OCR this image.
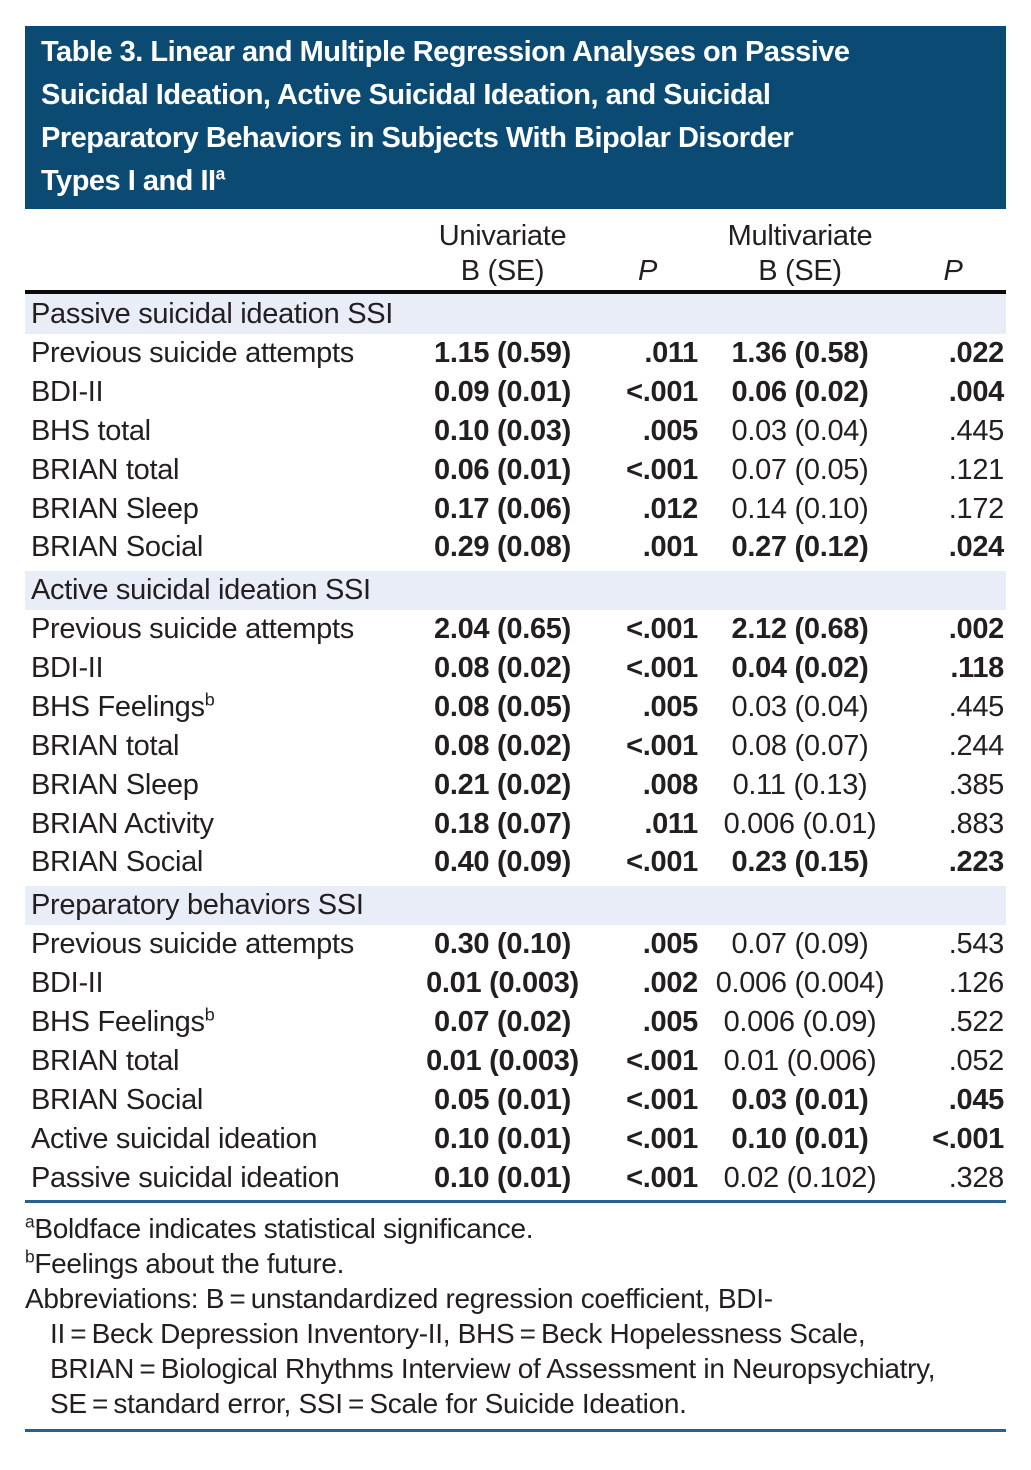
Table 3. Linear and Multiple Regression Analyses on Passive
Suicidal Ideation, Active Suicidal Ideation, and Suicidal
Preparatory Behaviors in Subjects With Bipolar Disorder
Types I and $II^a$
	Univariate		Multivariate	
	B (SE)	P	B (SE)	P
Passive suicidal ideation SSI				
Previous suicide attempts	1.15 (0.59)	.011	1.36 (0.58)	.022
BDI-II	0.09 (0.01)	<.001	0.06 (0.02)	.004
BHS total	0.10 (0.03)	.005	0.03 (0.04)	.445
BRIAN total	0.06 (0.01)	<.001	0.07 (0.05)	.121
BRIAN Sleep	0.17 (0.06)	.012	0.14 (0.10)	.172
BRIAN Social	0.29 (0.08)	.001	0.27 (0.12)	.024
Active suicidal ideation SSI				
Previous suicide attempts	2.04 (0.65)	<.001	2.12 (0.68)	.002
BDI-II	0.08 (0.02)	<.001	0.04 (0.02)	.118
BHS Feelings$^b$	0.08 (0.05)	.005	0.03 (0.04)	.445
BRIAN total	0.08 (0.02)	<.001	0.08 (0.07)	.244
BRIAN Sleep	0.21 (0.02)	.008	0.11 (0.13)	.385
BRIAN Activity	0.18 (0.07)	.011	0.006 (0.01)	.883
BRIAN Social	0.40 (0.09)	<.001	0.23 (0.15)	.223
Preparatory behaviors SSI				
Previous suicide attempts	0.30 (0.10)	.005	0.07 (0.09)	.543
BDI-II	0.01 (0.003)	.002	0.006 (0.004)	.126
BHS Feelings$^b$	0.07 (0.02)	.005	0.006 (0.09)	.522
BRIAN total	0.01 (0.003)	<.001	0.01 (0.006)	.052
BRIAN Social	0.05 (0.01)	<.001	0.03 (0.01)	.045
Active suicidal ideation	0.10 (0.01)	<.001	0.10 (0.01)	<.001
Passive suicidal ideation	0.10 (0.01)	<.001	0.02 (0.102)	.328
$^a$Boldface indicates statistical significance.
$^b$Feelings about the future.
Abbreviations: B = unstandardized regression coefficient, BDI-
II = Beck Depression Inventory-II, BHS = Beck Hopelessness Scale,
BRIAN = Biological Rhythms Interview of Assessment in Neuropsychiatry,
SE = standard error, SSI = Scale for Suicide Ideation.
